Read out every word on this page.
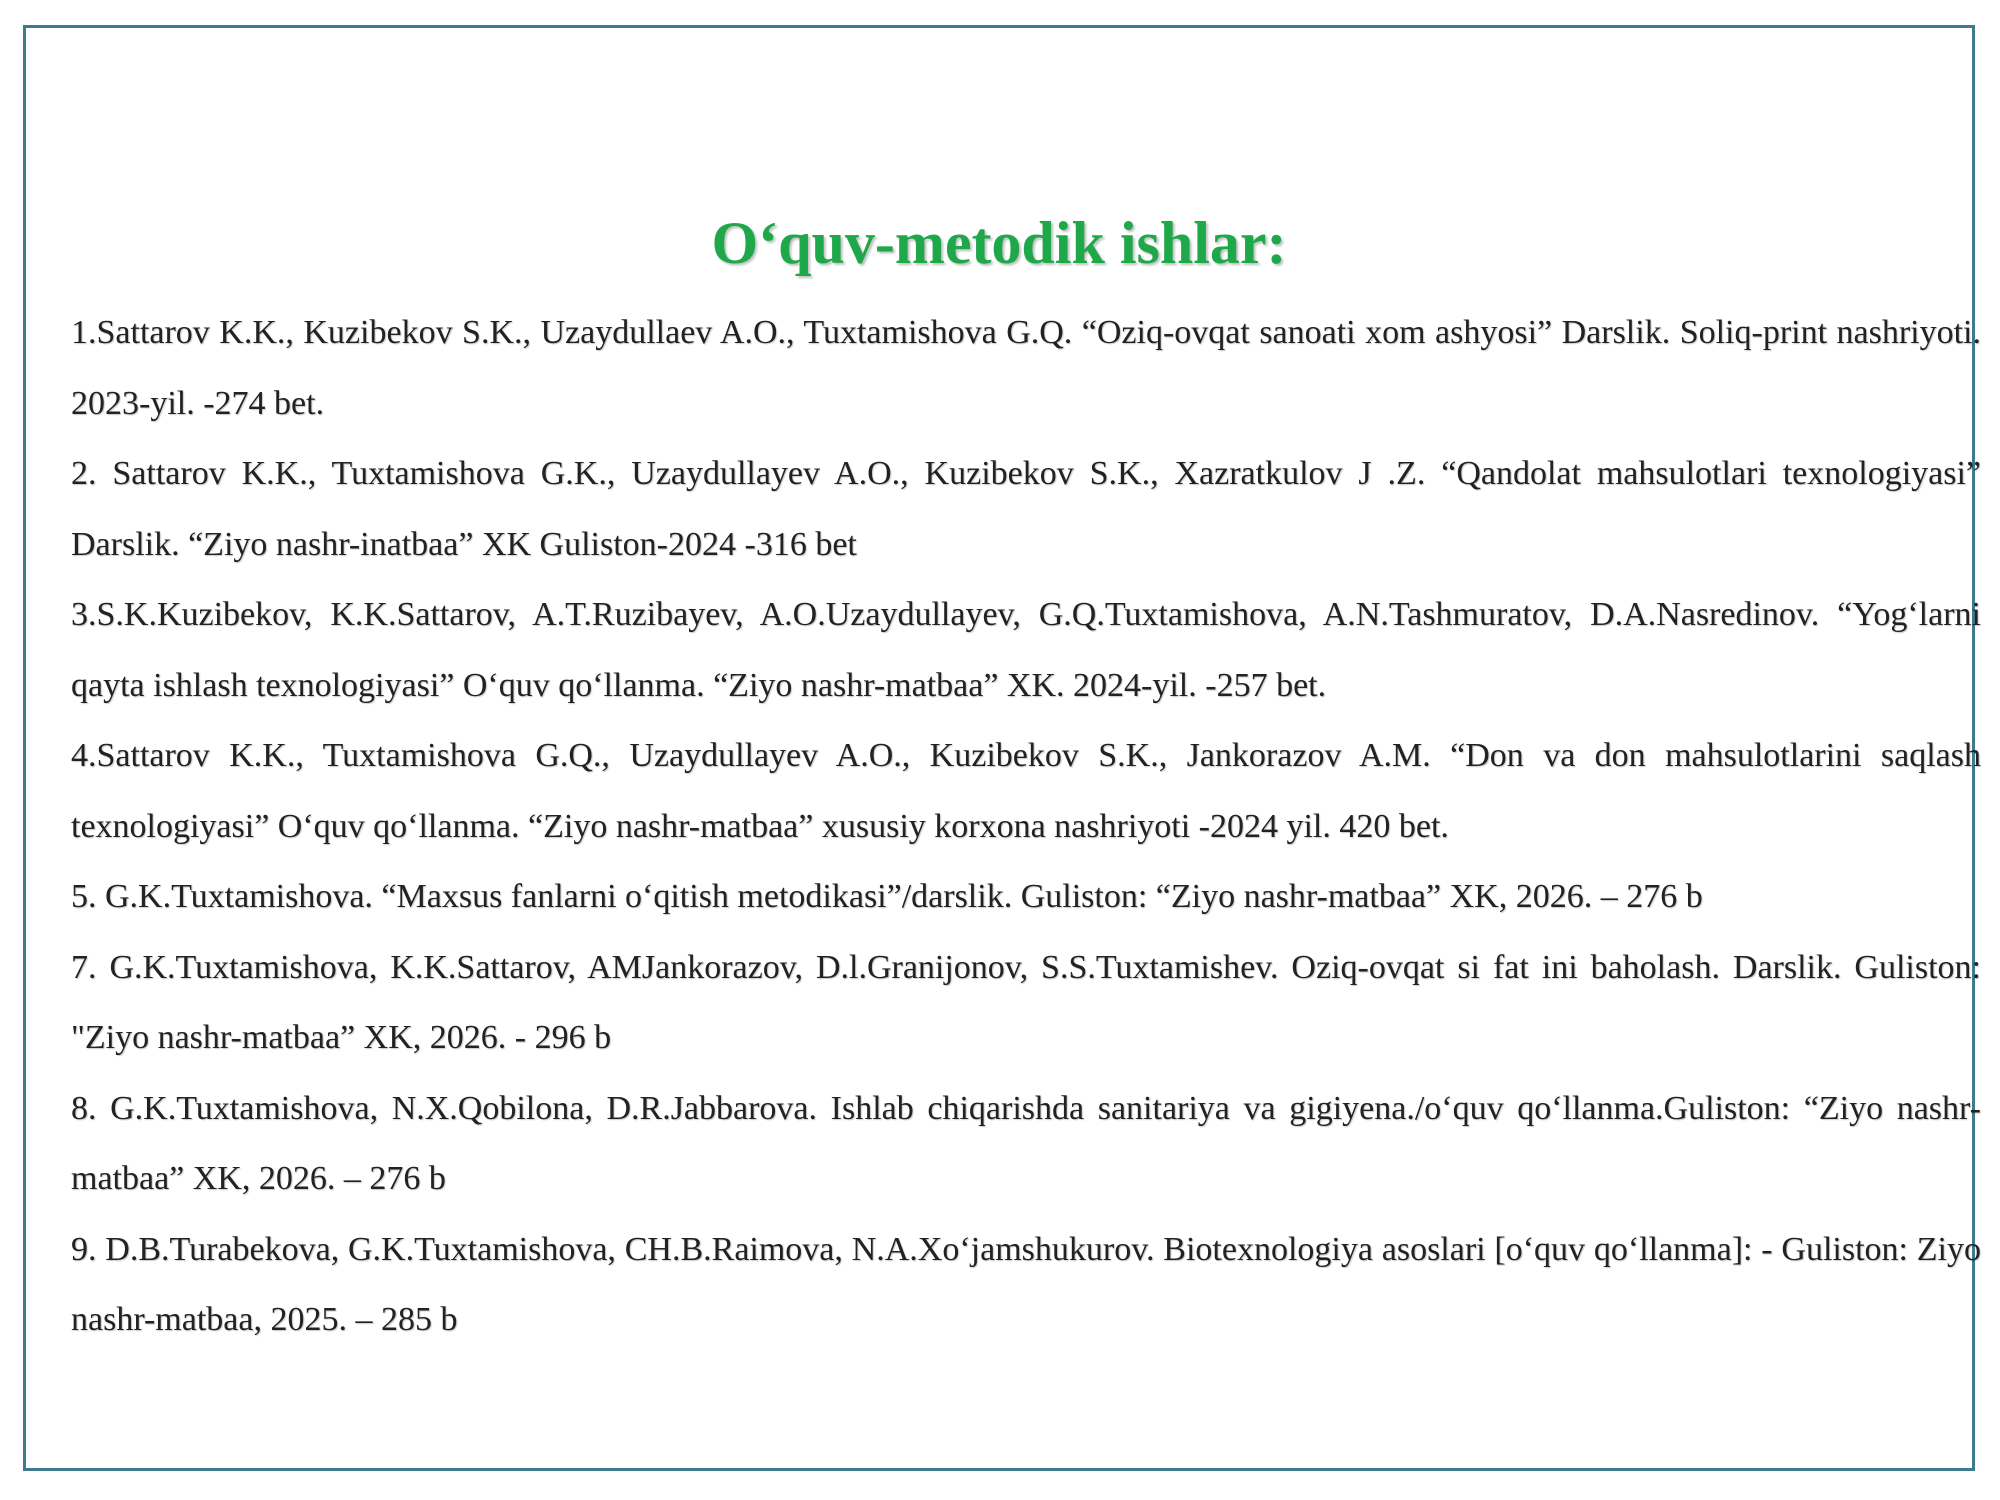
O‘quv-metodik ishlar:

1.Sattarov K.K., Kuzibekov S.K., Uzaydullaev A.O., Tuxtamishova G.Q. “Oziq-ovqat sanoati xom ashyosi” Darslik. Soliq-print nashriyoti. 2023-yil. -274 bet.

2. Sattarov K.K., Tuxtamishova G.K., Uzaydullayev A.O., Kuzibekov S.K., Xazratkulov J .Z. “Qandolat mahsulotlari texnologiyasi” Darslik. “Ziyo nashr-inatbaa” XK Guliston-2024 -316 bet

3.S.K.Kuzibekov, K.K.Sattarov, A.T.Ruzibayev, A.O.Uzaydullayev, G.Q.Tuxtamishova, A.N.Tashmuratov, D.A.Nasredinov. “Yog‘larni qayta ishlash texnologiyasi” O‘quv qo‘llanma. “Ziyo nashr-matbaa” XK. 2024-yil. -257 bet.

4.Sattarov K.K., Tuxtamishova G.Q., Uzaydullayev A.O., Kuzibekov S.K., Jankorazov A.M. “Don va don mahsulotlarini saqlash texnologiyasi” O‘quv qo‘llanma. “Ziyo nashr-matbaa” xususiy korxona nashriyoti -2024 yil. 420 bet.

5. G.K.Tuxtamishova. “Maxsus fanlarni o‘qitish metodikasi”/darslik. Guliston: “Ziyo nashr-matbaa” XK, 2026. – 276 b

7. G.K.Tuxtamishova, K.K.Sattarov, AMJankorazov, D.l.Granijonov, S.S.Tuxtamishev. Oziq-ovqat si fat ini baholash. Darslik. Guliston: "Ziyo nashr-matbaa” XK, 2026. - 296 b

8. G.K.Tuxtamishova, N.X.Qobilona, D.R.Jabbarova. Ishlab chiqarishda sanitariya va gigiyena./o‘quv qo‘llanma.Guliston: “Ziyo nashr-matbaa” XK, 2026. – 276 b

9. D.B.Turabekova, G.K.Tuxtamishova, CH.B.Raimova, N.A.Xo‘jamshukurov. Biotexnologiya asoslari [o‘quv qo‘llanma]: - Guliston: Ziyo nashr-matbaa, 2025. – 285 b
